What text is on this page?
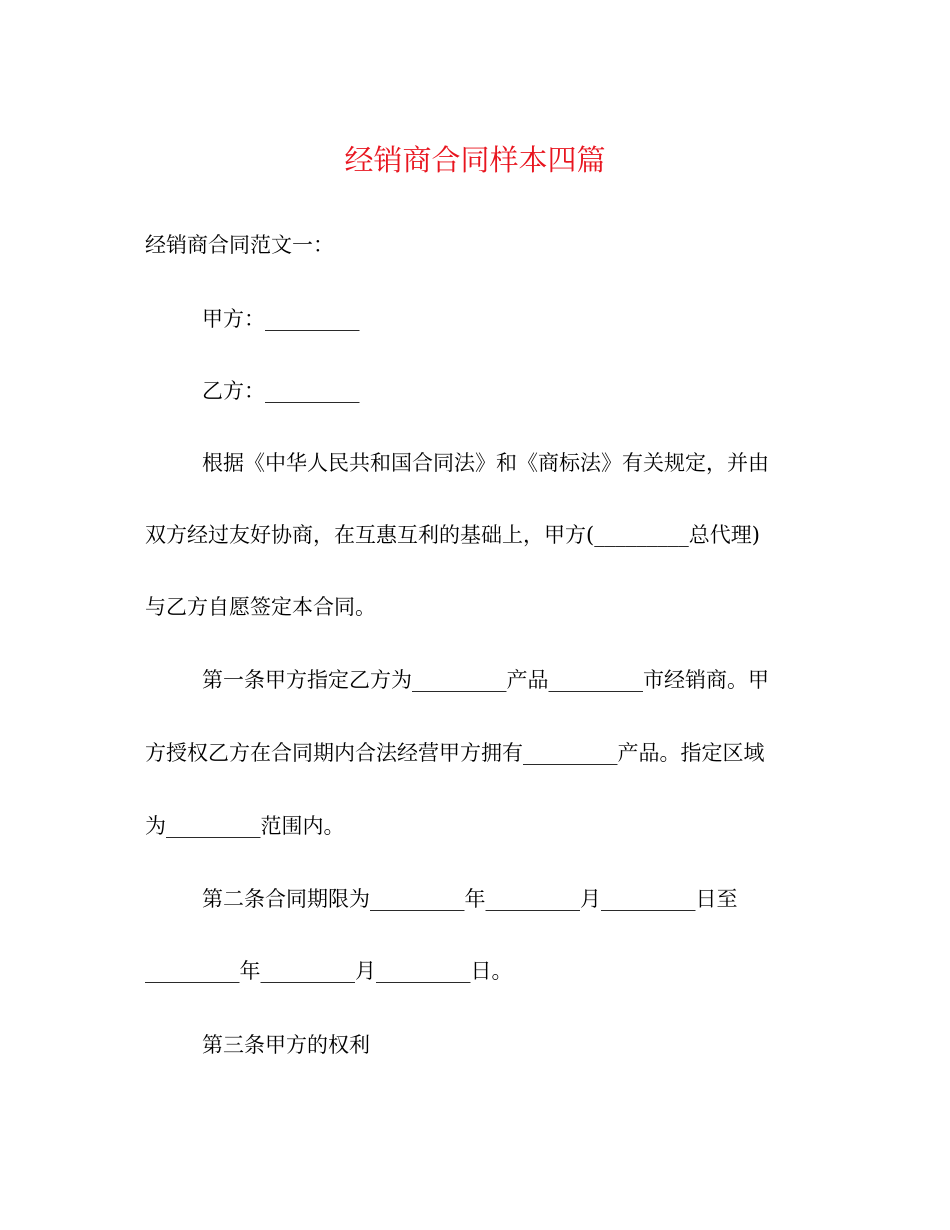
经销商合同样本四篇
经销商合同范文一：
甲方：_________
乙方：_________
根据《中华人民共和国合同法》和《商标法》有关规定，并由
双方经过友好协商，在互惠互利的基础上，甲方(_________总代理)
与乙方自愿签定本合同。
第一条甲方指定乙方为_________产品_________市经销商。甲
方授权乙方在合同期内合法经营甲方拥有_________产品。指定区域
为_________范围内。
第二条合同期限为_________年_________月_________日至
_________年_________月_________日。
第三条甲方的权利
